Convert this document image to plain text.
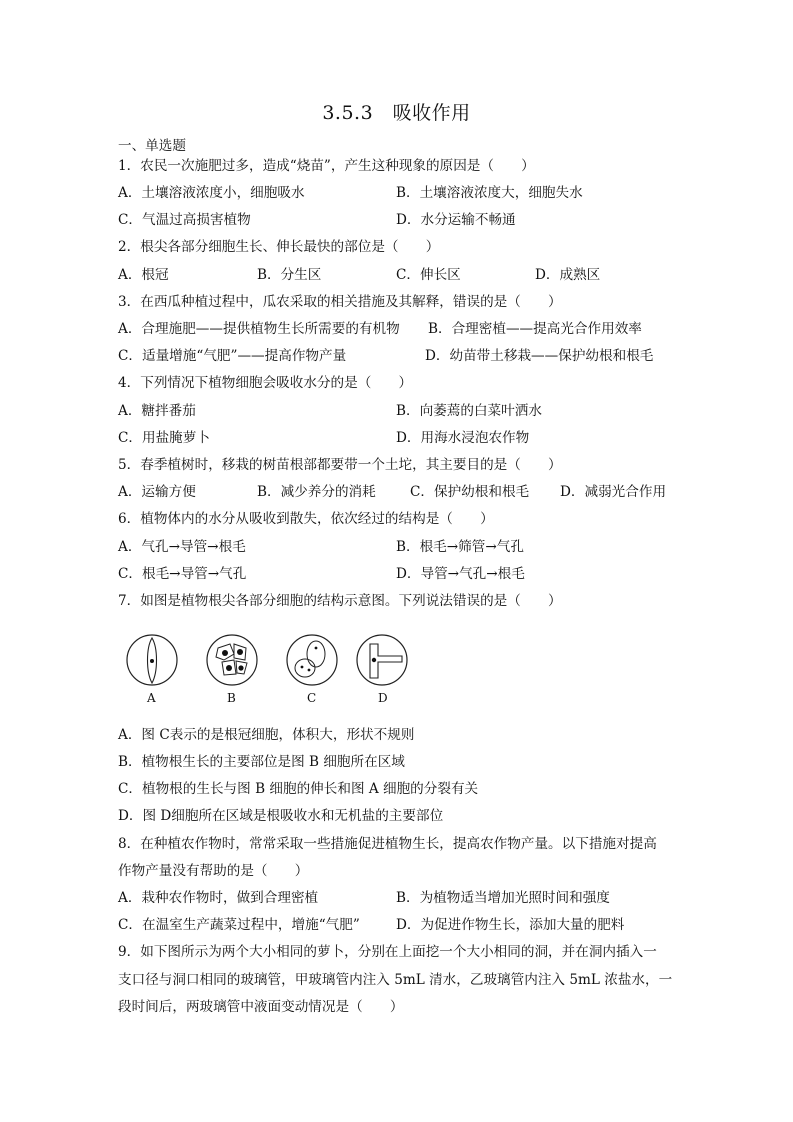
3.5.3　吸收作用
一、单选题
1．农民一次施肥过多，造成“烧苗”，产生这种现象的原因是（　　）
A．土壤溶液浓度小，细胞吸水	B．土壤溶液浓度大，细胞失水
C．气温过高损害植物	D．水分运输不畅通
2．根尖各部分细胞生长、伸长最快的部位是（　　）
A．根冠	B．分生区	C．伸长区	D．成熟区
3．在西瓜种植过程中，瓜农采取的相关措施及其解释，错误的是（　　）
A．合理施肥——提供植物生长所需要的有机物 B．合理密植——提高光合作用效率
C．适量增施“气肥”——提高作物产量	D．幼苗带土移栽——保护幼根和根毛
4．下列情况下植物细胞会吸收水分的是（　　）
A．糖拌番茄	B．向萎蔫的白菜叶洒水
C．用盐腌萝卜	D．用海水浸泡农作物
5．春季植树时，移栽的树苗根部都要带一个土坨，其主要目的是（　　）
A．运输方便	B．减少养分的消耗	C．保护幼根和根毛 D．减弱光合作用
6．植物体内的水分从吸收到散失，依次经过的结构是（　　）
A．气孔→导管→根毛	B．根毛→筛管→气孔
C．根毛→导管→气孔	D．导管→气孔→根毛
7．如图是植物根尖各部分细胞的结构示意图。下列说法错误的是（　　）
A	B	C	D
A．图 C表示的是根冠细胞，体积大，形状不规则
B．植物根生长的主要部位是图 B 细胞所在区域
C．植物根的生长与图 B 细胞的伸长和图 A 细胞的分裂有关
D．图 D细胞所在区域是根吸收水和无机盐的主要部位
8．在种植农作物时，常常采取一些措施促进植物生长，提高农作物产量。以下措施对提高
作物产量没有帮助的是（　　）
A．栽种农作物时，做到合理密植	B．为植物适当增加光照时间和强度
C．在温室生产蔬菜过程中，增施“气肥”	D．为促进作物生长，添加大量的肥料
9．如下图所示为两个大小相同的萝卜，分别在上面挖一个大小相同的洞，并在洞内插入一
支口径与洞口相同的玻璃管，甲玻璃管内注入 5mL 清水，乙玻璃管内注入 5mL 浓盐水，一
段时间后，两玻璃管中液面变动情况是（　　）
